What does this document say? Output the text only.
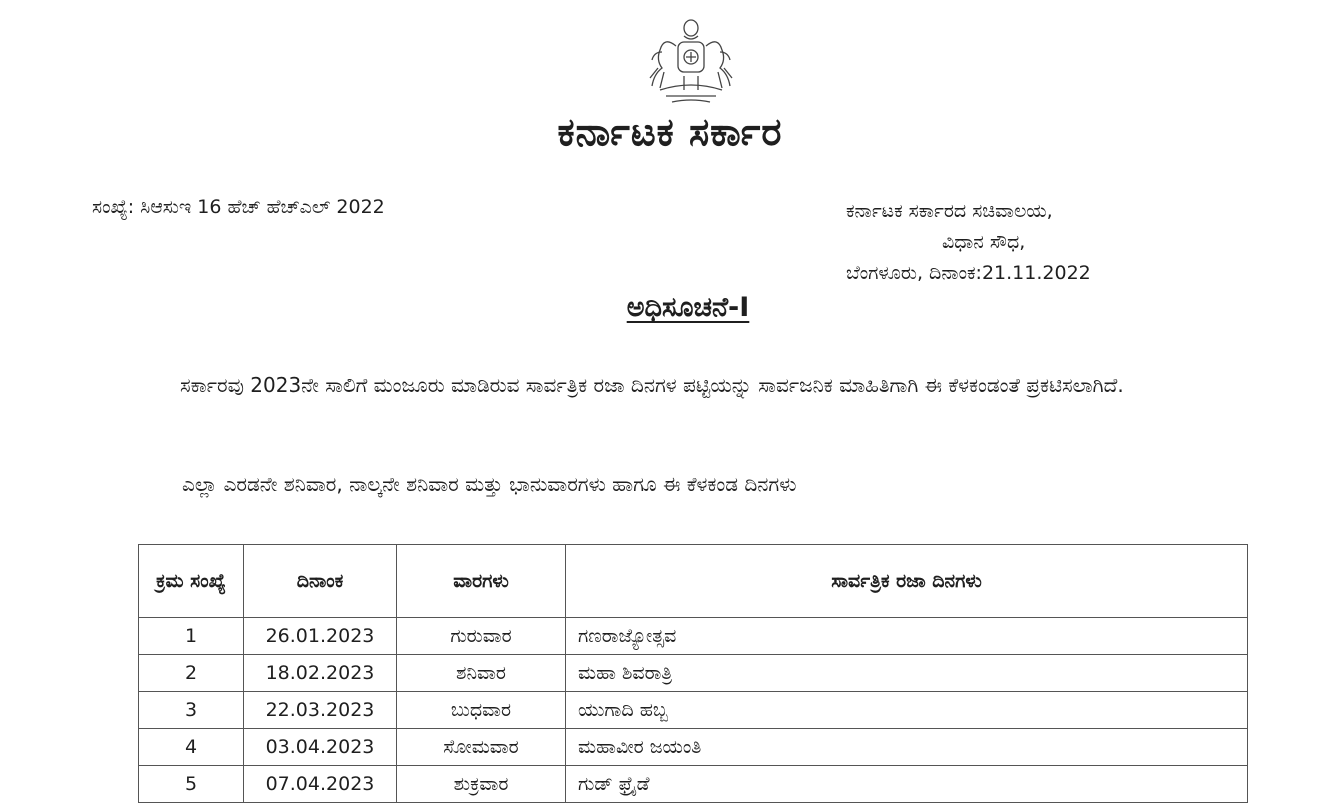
ಕರ್ನಾಟಕ ಸರ್ಕಾರ
ಸಂಖ್ಯೆ: ಸಿಆಸುಇ 16 ಹೆಚ್ ಹೆಚ್ಎಲ್ 2022	ಕರ್ನಾಟಕ ಸರ್ಕಾರದ ಸಚಿವಾಲಯ,
ವಿಧಾನ ಸೌಧ,
ಬೆಂಗಳೂರು, ದಿನಾಂಕ:21.11.2022
ಅಧಿಸೂಚನೆ-I
ಸರ್ಕಾರವು 2023ನೇ ಸಾಲಿಗೆ ಮಂಜೂರು ಮಾಡಿರುವ ಸಾರ್ವತ್ರಿಕ ರಜಾ ದಿನಗಳ ಪಟ್ಟಿಯನ್ನು ಸಾರ್ವಜನಿಕ ಮಾಹಿತಿಗಾಗಿ ಈ ಕೆಳಕಂಡಂತೆ ಪ್ರಕಟಿಸಲಾಗಿದೆ.
ಎಲ್ಲಾ ಎರಡನೇ ಶನಿವಾರ, ನಾಲ್ಕನೇ ಶನಿವಾರ ಮತ್ತು ಭಾನುವಾರಗಳು ಹಾಗೂ ಈ ಕೆಳಕಂಡ ದಿನಗಳು
ಕ್ರಮ ಸಂಖ್ಯೆ	ದಿನಾಂಕ	ವಾರಗಳು	ಸಾರ್ವತ್ರಿಕ ರಜಾ ದಿನಗಳು
1	26.01.2023	ಗುರುವಾರ	ಗಣರಾಜ್ಯೋತ್ಸವ
2	18.02.2023	ಶನಿವಾರ	ಮಹಾ ಶಿವರಾತ್ರಿ
3	22.03.2023	ಬುಧವಾರ	ಯುಗಾದಿ ಹಬ್ಬ
4	03.04.2023	ಸೋಮವಾರ	ಮಹಾವೀರ ಜಯಂತಿ
5	07.04.2023	ಶುಕ್ರವಾರ	ಗುಡ್ ಫ್ರೈಡೆ
